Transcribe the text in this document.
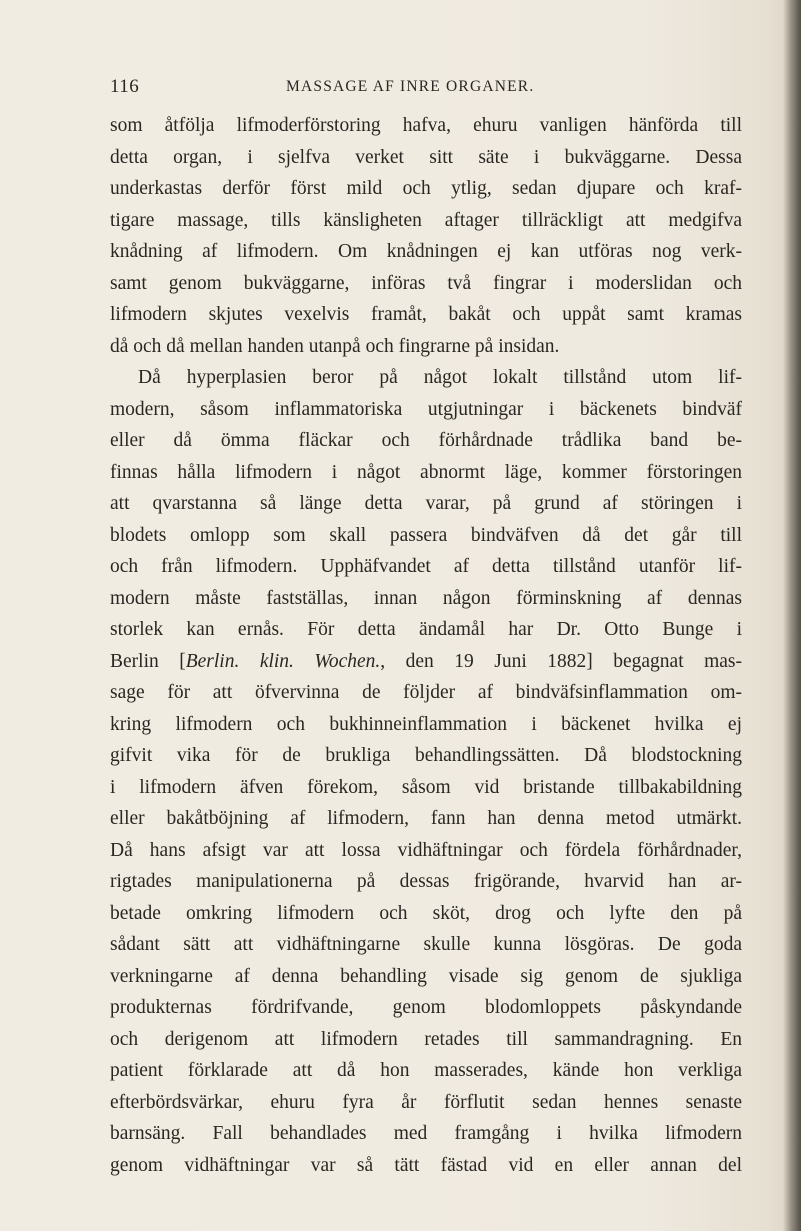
116	MASSAGE AF INRE ORGANER.
som åtfölja lifmoderförstoring hafva, ehuru vanligen hänförda till
detta organ, i sjelfva verket sitt säte i bukväggarne. Dessa
underkastas derför först mild och ytlig, sedan djupare och kraf-
tigare massage, tills känsligheten aftager tillräckligt att medgifva
knådning af lifmodern. Om knådningen ej kan utföras nog verk-
samt genom bukväggarne, införas två fingrar i moderslidan och
lifmodern skjutes vexelvis framåt, bakåt och uppåt samt kramas
då och då mellan handen utanpå och fingrarne på insidan.
Då hyperplasien beror på något lokalt tillstånd utom lif-
modern, såsom inflammatoriska utgjutningar i bäckenets bindväf
eller då ömma fläckar och förhårdnade trådlika band be-
finnas hålla lifmodern i något abnormt läge, kommer förstoringen
att qvarstanna så länge detta varar, på grund af störingen i
blodets omlopp som skall passera bindväfven då det går till
och från lifmodern. Upphäfvandet af detta tillstånd utanför lif-
modern måste fastställas, innan någon förminskning af dennas
storlek kan ernås. För detta ändamål har Dr. Otto Bunge i
Berlin [Berlin. klin. Wochen., den 19 Juni 1882] begagnat mas-
sage för att öfvervinna de följder af bindväfsinflammation om-
kring lifmodern och bukhinneinflammation i bäckenet hvilka ej
gifvit vika för de brukliga behandlingssätten. Då blodstockning
i lifmodern äfven förekom, såsom vid bristande tillbakabildning
eller bakåtböjning af lifmodern, fann han denna metod utmärkt.
Då hans afsigt var att lossa vidhäftningar och fördela förhårdnader,
rigtades manipulationerna på dessas frigörande, hvarvid han ar-
betade omkring lifmodern och sköt, drog och lyfte den på
sådant sätt att vidhäftningarne skulle kunna lösgöras. De goda
verkningarne af denna behandling visade sig genom de sjukliga
produkternas fördrifvande, genom blodomloppets påskyndande
och derigenom att lifmodern retades till sammandragning. En
patient förklarade att då hon masserades, kände hon verkliga
efterbördsvärkar, ehuru fyra år förflutit sedan hennes senaste
barnsäng. Fall behandlades med framgång i hvilka lifmodern
genom vidhäftningar var så tätt fästad vid en eller annan del
